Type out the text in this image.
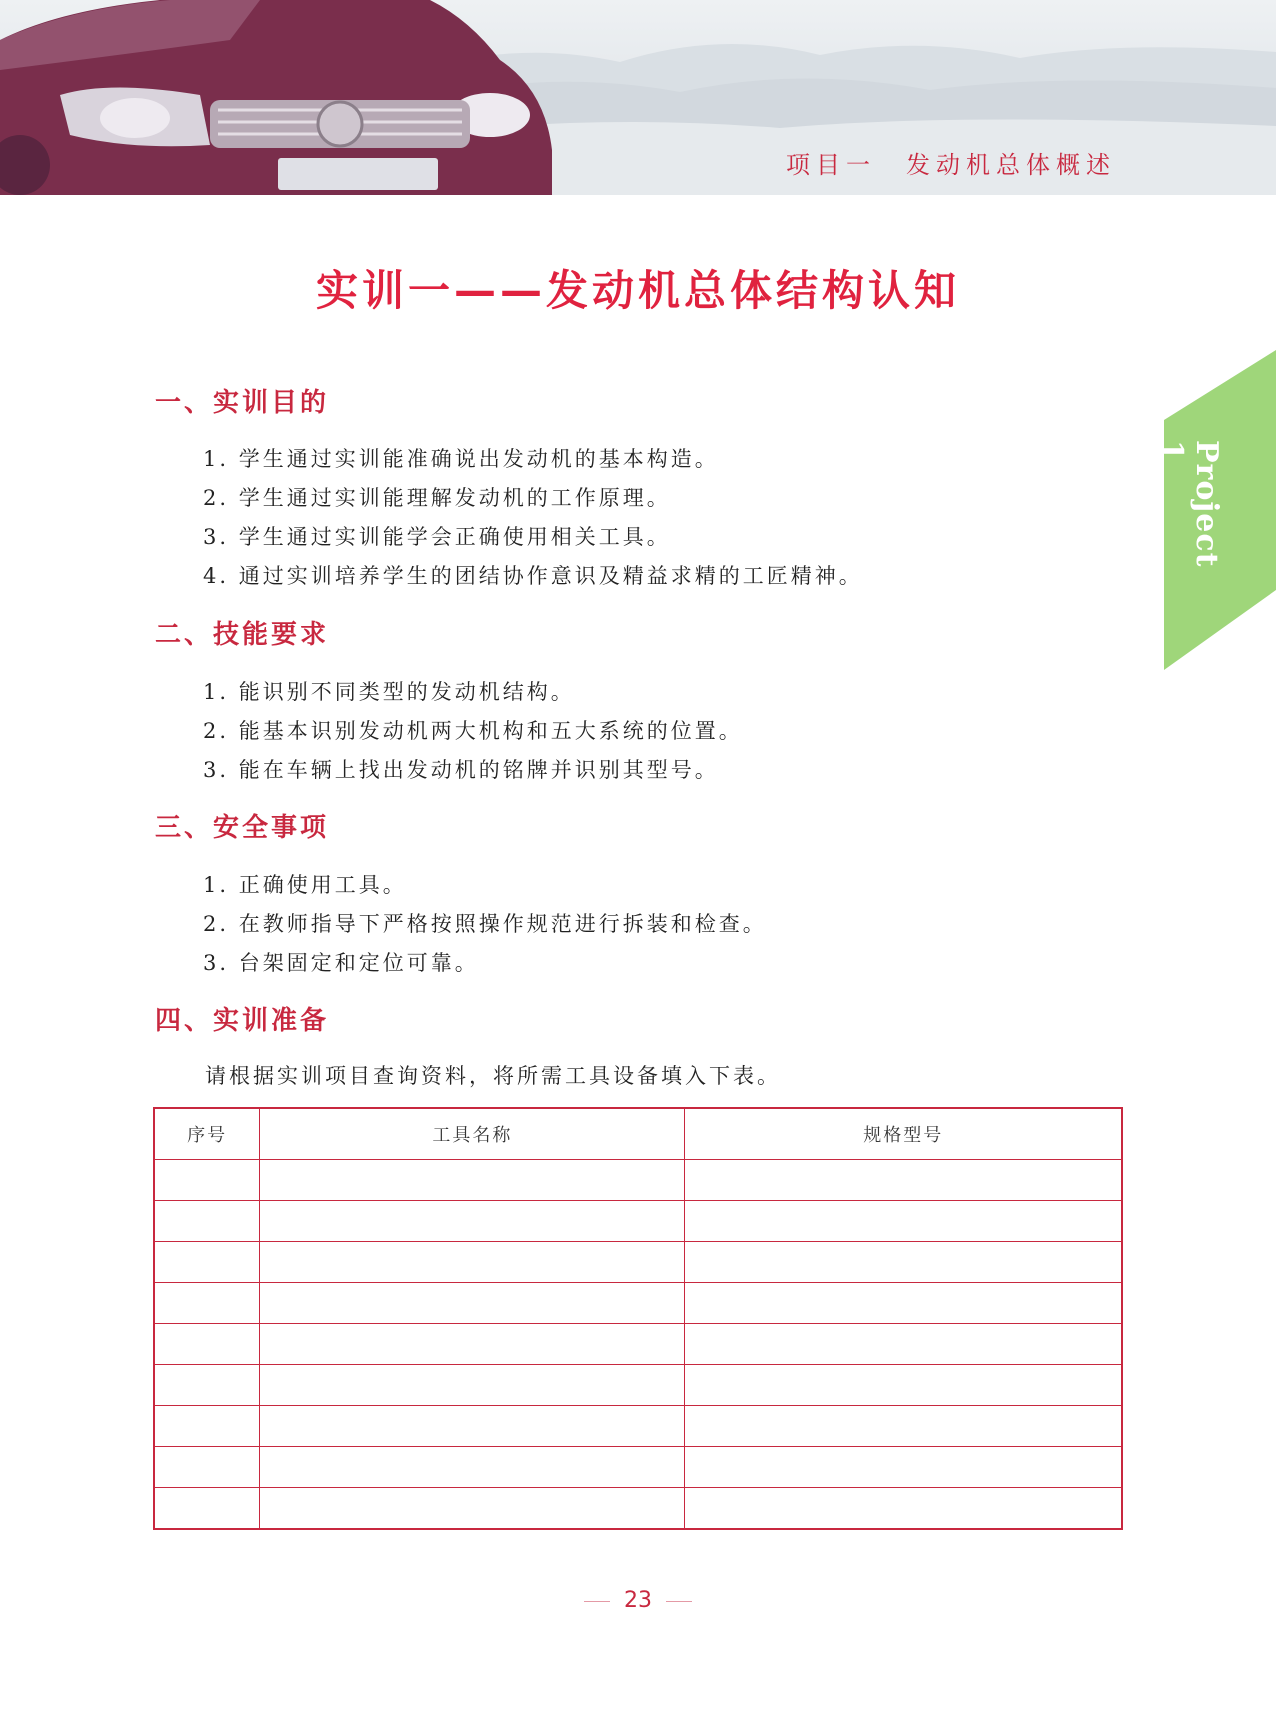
项目一　发动机总体概述
Project 1
实训一——发动机总体结构认知
一、实训目的
1. 学生通过实训能准确说出发动机的基本构造。
2. 学生通过实训能理解发动机的工作原理。
3. 学生通过实训能学会正确使用相关工具。
4. 通过实训培养学生的团结协作意识及精益求精的工匠精神。
二、技能要求
1. 能识别不同类型的发动机结构。
2. 能基本识别发动机两大机构和五大系统的位置。
3. 能在车辆上找出发动机的铭牌并识别其型号。
三、安全事项
1. 正确使用工具。
2. 在教师指导下严格按照操作规范进行拆装和检查。
3. 台架固定和定位可靠。
四、实训准备
请根据实训项目查询资料，将所需工具设备填入下表。
序号	工具名称	规格型号

23
